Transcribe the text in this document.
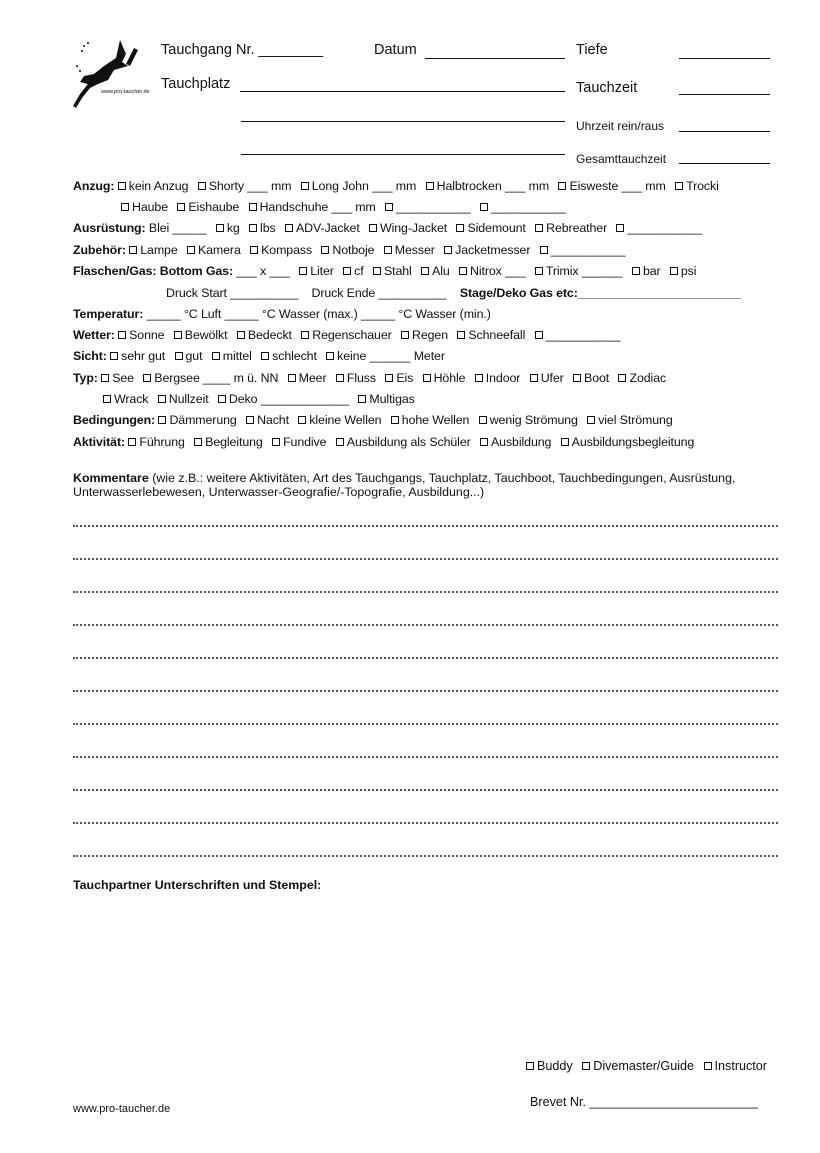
www.pro-taucher.de
Tauchgang Nr. ________	Datum	Tiefe
Tauchplatz	Tauchzeit
Uhrzeit rein/raus
Gesamttauchzeit
Anzug: kein Anzug Shorty ___ mm Long John ___ mm Halbtrocken ___ mm Eisweste ___ mm Trocki
Haube Eishaube Handschuhe ___ mm ___________ ___________
Ausrüstung: Blei _____ kg lbs ADV-Jacket Wing-Jacket Sidemount Rebreather ___________
Zubehör: Lampe Kamera Kompass Notboje Messer Jacketmesser ___________
Flaschen/Gas: Bottom Gas: ___ x ___ Liter cf Stahl Alu Nitrox ___ Trimix ______ bar psi
Druck Start __________ Druck Ende __________ Stage/Deko Gas etc:________________________
Temperatur: _____ °C Luft _____ °C Wasser (max.) _____ °C Wasser (min.)
Wetter: Sonne Bewölkt Bedeckt Regenschauer Regen Schneefall ___________
Sicht: sehr gut gut mittel schlecht keine ______ Meter
Typ: See Bergsee ____ m ü. NN Meer Fluss Eis Höhle Indoor Ufer Boot Zodiac
Wrack Nullzeit Deko _____________ Multigas
Bedingungen: Dämmerung Nacht kleine Wellen hohe Wellen wenig Strömung viel Strömung
Aktivität: Führung Begleitung Fundive Ausbildung als Schüler Ausbildung Ausbildungsbegleitung
Kommentare (wie z.B.: weitere Aktivitäten, Art des Tauchgangs, Tauchplatz, Tauchboot, Tauchbedingungen, Ausrüstung, Unterwasserlebewesen, Unterwasser-Geografie/-Topografie, Ausbildung...)
Tauchpartner Unterschriften und Stempel:
Buddy Divemaster/Guide Instructor
Brevet Nr. ________________________
www.pro-taucher.de
